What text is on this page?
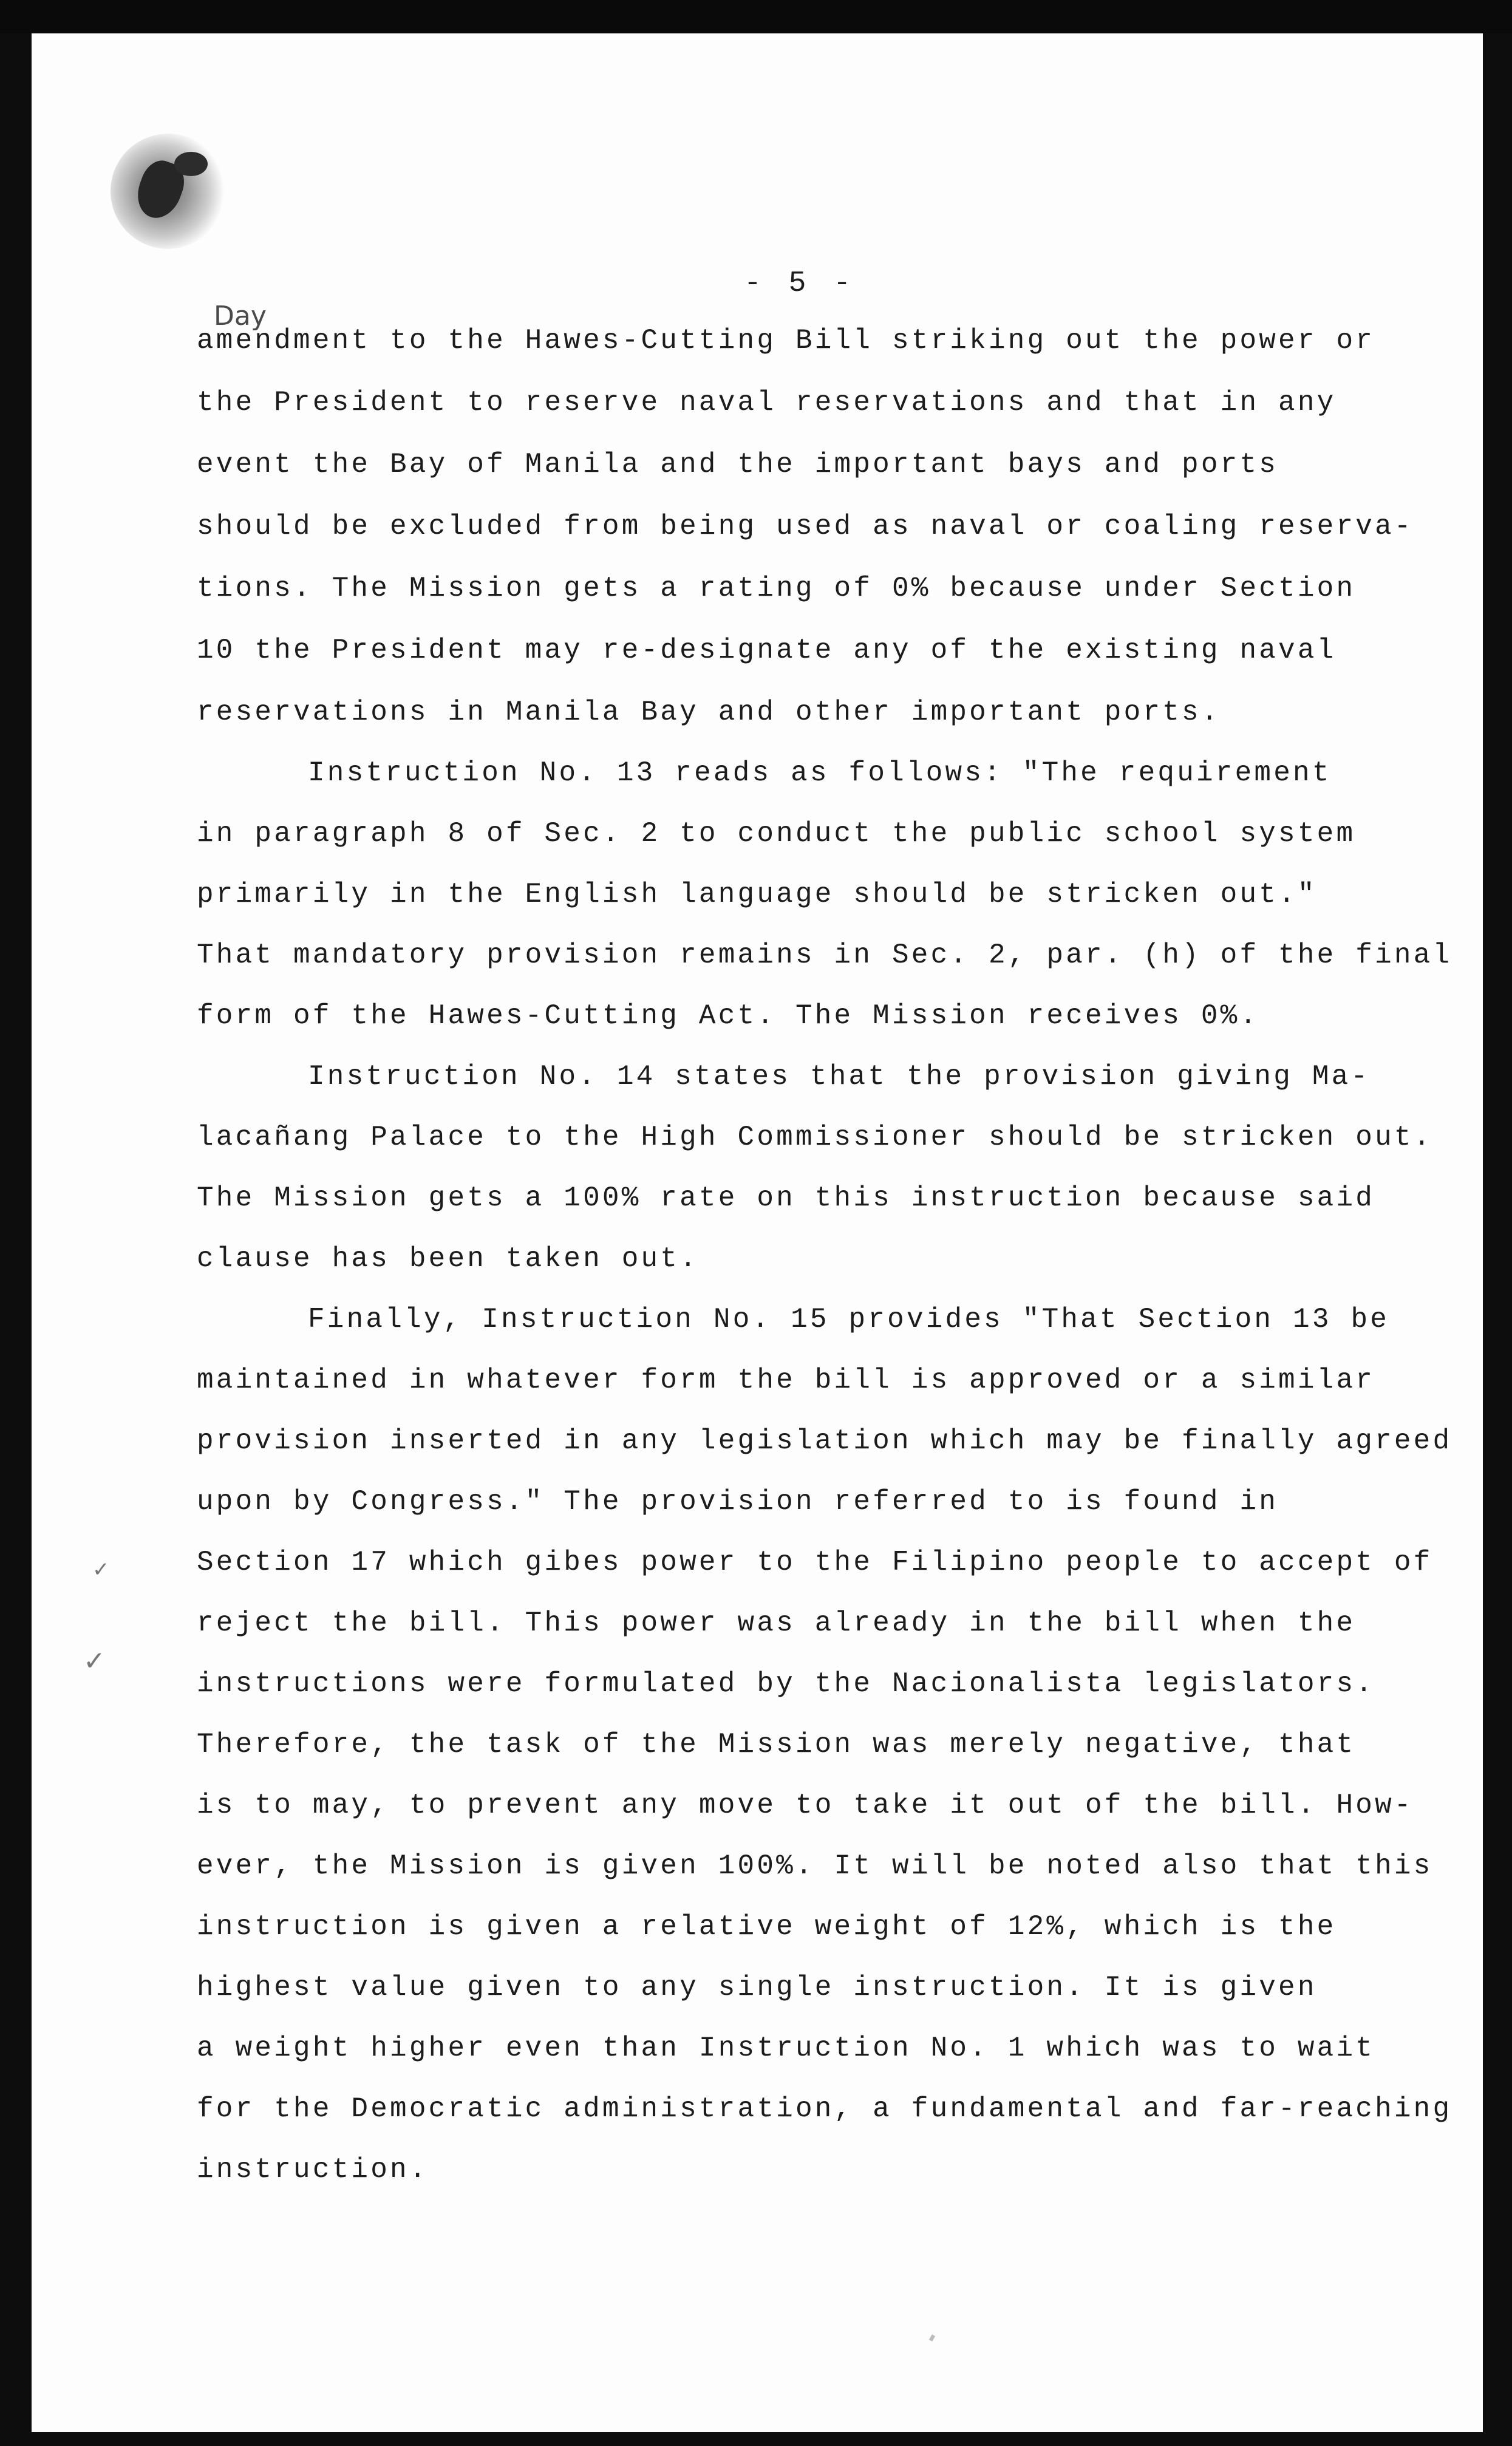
- 5 -
Day

amendment to the Hawes-Cutting Bill striking out the power or

the President to reserve naval reservations and that in any

event the Bay of Manila and the important bays and ports

should be excluded from being used as naval or coaling reserva-

tions. The Mission gets a rating of 0% because under Section

10 the President may re-designate any of the existing naval

reservations in Manila Bay and other important ports.

Instruction No. 13 reads as follows: "The requirement

in paragraph 8 of Sec. 2 to conduct the public school system

primarily in the English language should be stricken out."

That mandatory provision remains in Sec. 2, par. (h) of the final

form of the Hawes-Cutting Act. The Mission receives 0%.

Instruction No. 14 states that the provision giving Ma-

lacañang Palace to the High Commissioner should be stricken out.

The Mission gets a 100% rate on this instruction because said

clause has been taken out.

Finally, Instruction No. 15 provides "That Section 13 be

maintained in whatever form the bill is approved or a similar

provision inserted in any legislation which may be finally agreed

upon by Congress." The provision referred to is found in

Section 17 which gibes power to the Filipino people to accept of

reject the bill. This power was already in the bill when the

instructions were formulated by the Nacionalista legislators.

Therefore, the task of the Mission was merely negative, that

is to may, to prevent any move to take it out of the bill. How-

ever, the Mission is given 100%. It will be noted also that this

instruction is given a relative weight of 12%, which is the

highest value given to any single instruction. It is given

a weight higher even than Instruction No. 1 which was to wait

for the Democratic administration, a fundamental and far-reaching

instruction.

✓
✓
